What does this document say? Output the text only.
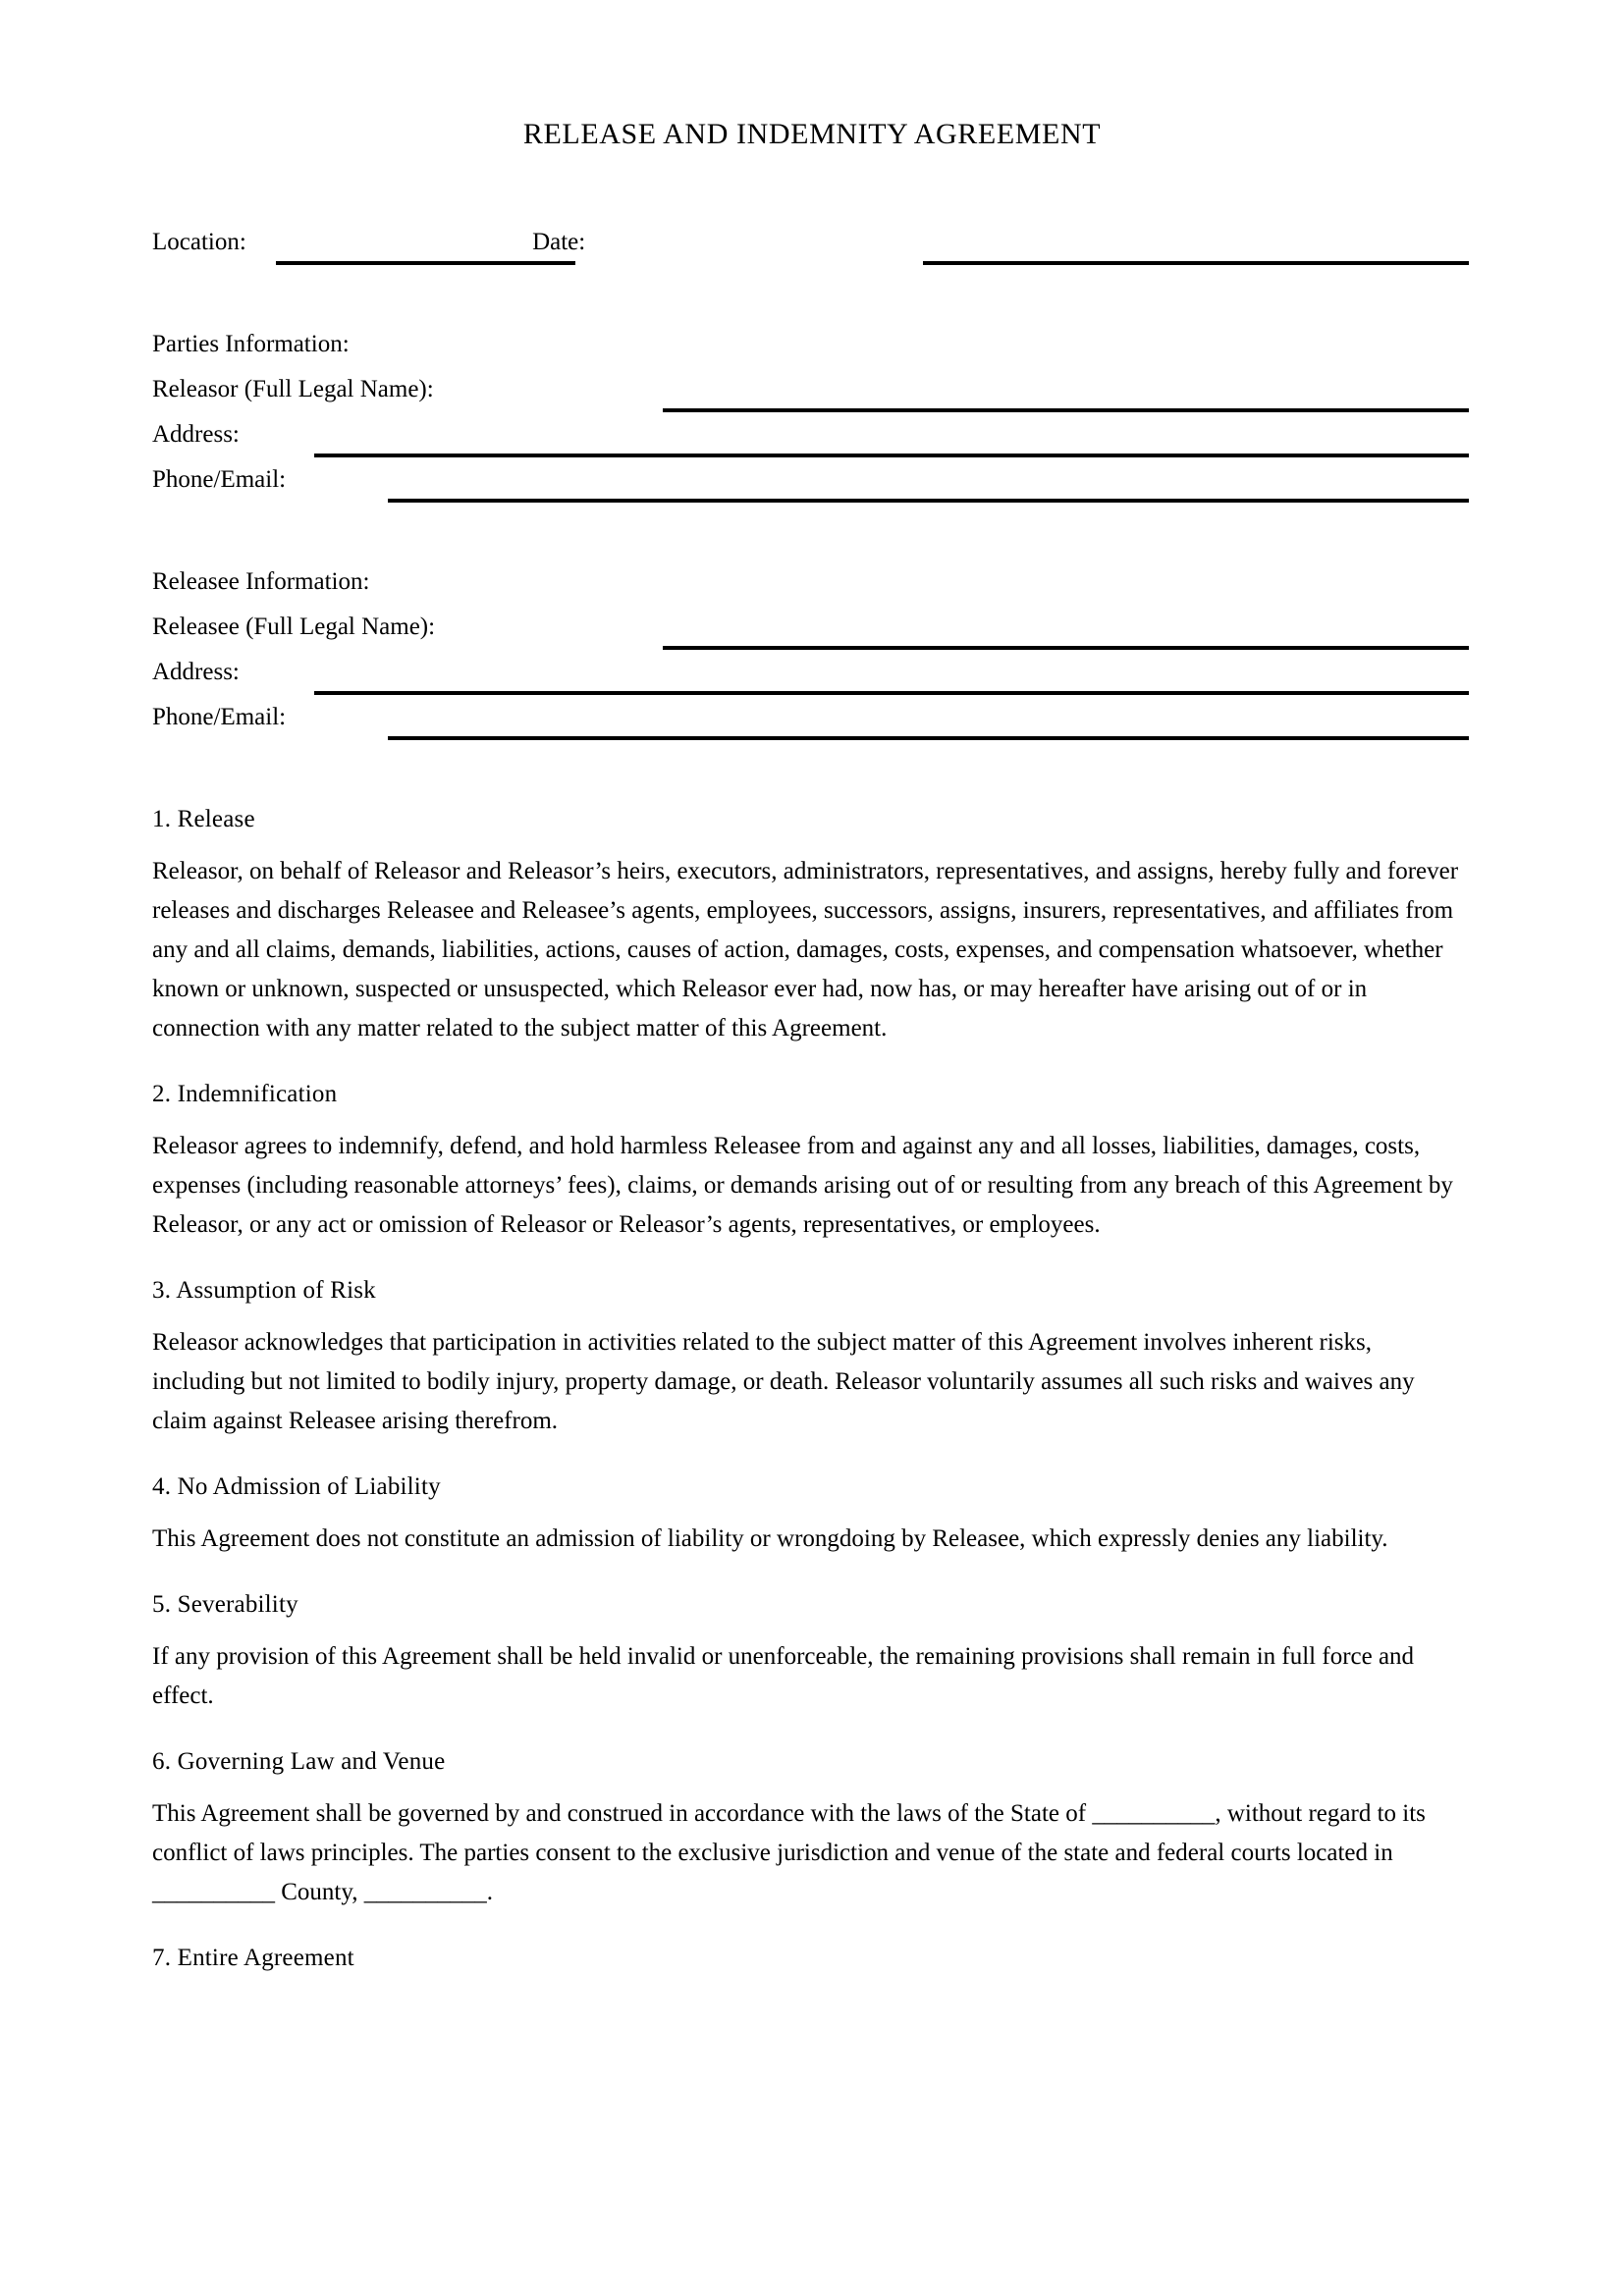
RELEASE AND INDEMNITY AGREEMENT
Location:	Date:
Parties Information:
Releasor (Full Legal Name):
Address:
Phone/Email:
Releasee Information:
Releasee (Full Legal Name):
Address:
Phone/Email:

1. Release

Releasor, on behalf of Releasor and Releasor’s heirs, executors, administrators, representatives, and assigns, hereby fully and forever releases and discharges Releasee and Releasee’s agents, employees, successors, assigns, insurers, representatives, and affiliates from any and all claims, demands, liabilities, actions, causes of action, damages, costs, expenses, and compensation whatsoever, whether known or unknown, suspected or unsuspected, which Releasor ever had, now has, or may hereafter have arising out of or in connection with any matter related to the subject matter of this Agreement.

2. Indemnification

Releasor agrees to indemnify, defend, and hold harmless Releasee from and against any and all losses, liabilities, damages, costs, expenses (including reasonable attorneys’ fees), claims, or demands arising out of or resulting from any breach of this Agreement by Releasor, or any act or omission of Releasor or Releasor’s agents, representatives, or employees.

3. Assumption of Risk

Releasor acknowledges that participation in activities related to the subject matter of this Agreement involves inherent risks, including but not limited to bodily injury, property damage, or death. Releasor voluntarily assumes all such risks and waives any claim against Releasee arising therefrom.

4. No Admission of Liability

This Agreement does not constitute an admission of liability or wrongdoing by Releasee, which expressly denies any liability.

5. Severability

If any provision of this Agreement shall be held invalid or unenforceable, the remaining provisions shall remain in full force and effect.

6. Governing Law and Venue

This Agreement shall be governed by and construed in accordance with the laws of the State of __________, without regard to its conflict of laws principles. The parties consent to the exclusive jurisdiction and venue of the state and federal courts located in __________ County, __________.

7. Entire Agreement
